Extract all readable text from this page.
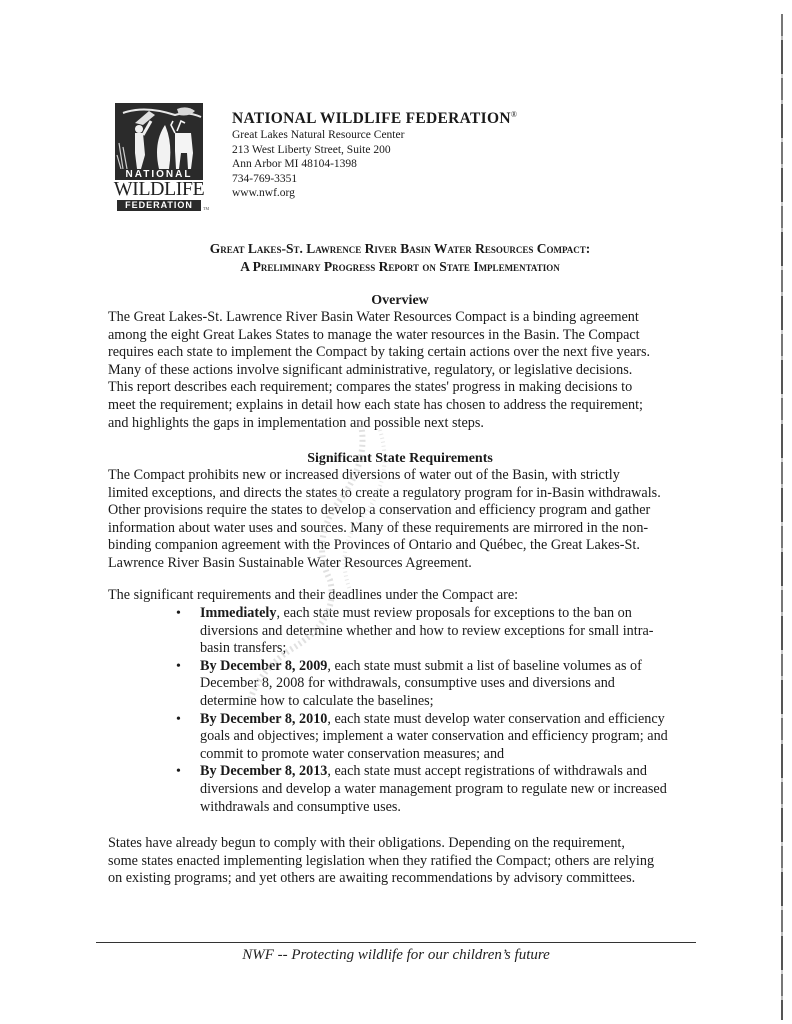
NATIONAL
WILDLIFE
FEDERATION	TM
NATIONAL WILDLIFE FEDERATION®
Great Lakes Natural Resource Center
213 West Liberty Street, Suite 200
Ann Arbor MI 48104-1398
734-769-3351
www.nwf.org
Great Lakes-St. Lawrence River Basin Water Resources Compact:
A Preliminary Progress Report on State Implementation
Overview
The Great Lakes-St. Lawrence River Basin Water Resources Compact is a binding agreement
among the eight Great Lakes States to manage the water resources in the Basin. The Compact
requires each state to implement the Compact by taking certain actions over the next five years.
Many of these actions involve significant administrative, regulatory, or legislative decisions.
This report describes each requirement; compares the states' progress in making decisions to
meet the requirement; explains in detail how each state has chosen to address the requirement;
and highlights the gaps in implementation and possible next steps.
Significant State Requirements
The Compact prohibits new or increased diversions of water out of the Basin, with strictly
limited exceptions, and directs the states to create a regulatory program for in-Basin withdrawals.
Other provisions require the states to develop a conservation and efficiency program and gather
information about water uses and sources. Many of these requirements are mirrored in the non-
binding companion agreement with the Provinces of Ontario and Québec, the Great Lakes-St.
Lawrence River Basin Sustainable Water Resources Agreement.
The significant requirements and their deadlines under the Compact are:
• Immediately, each state must review proposals for exceptions to the ban on
diversions and determine whether and how to review exceptions for small intra-
basin transfers;
• By December 8, 2009, each state must submit a list of baseline volumes as of
December 8, 2008 for withdrawals, consumptive uses and diversions and
determine how to calculate the baselines;
• By December 8, 2010, each state must develop water conservation and efficiency
goals and objectives; implement a water conservation and efficiency program; and
commit to promote water conservation measures; and
• By December 8, 2013, each state must accept registrations of withdrawals and
diversions and develop a water management program to regulate new or increased
withdrawals and consumptive uses.
States have already begun to comply with their obligations. Depending on the requirement,
some states enacted implementing legislation when they ratified the Compact; others are relying
on existing programs; and yet others are awaiting recommendations by advisory committees.
NWF -- Protecting wildlife for our children’s future
